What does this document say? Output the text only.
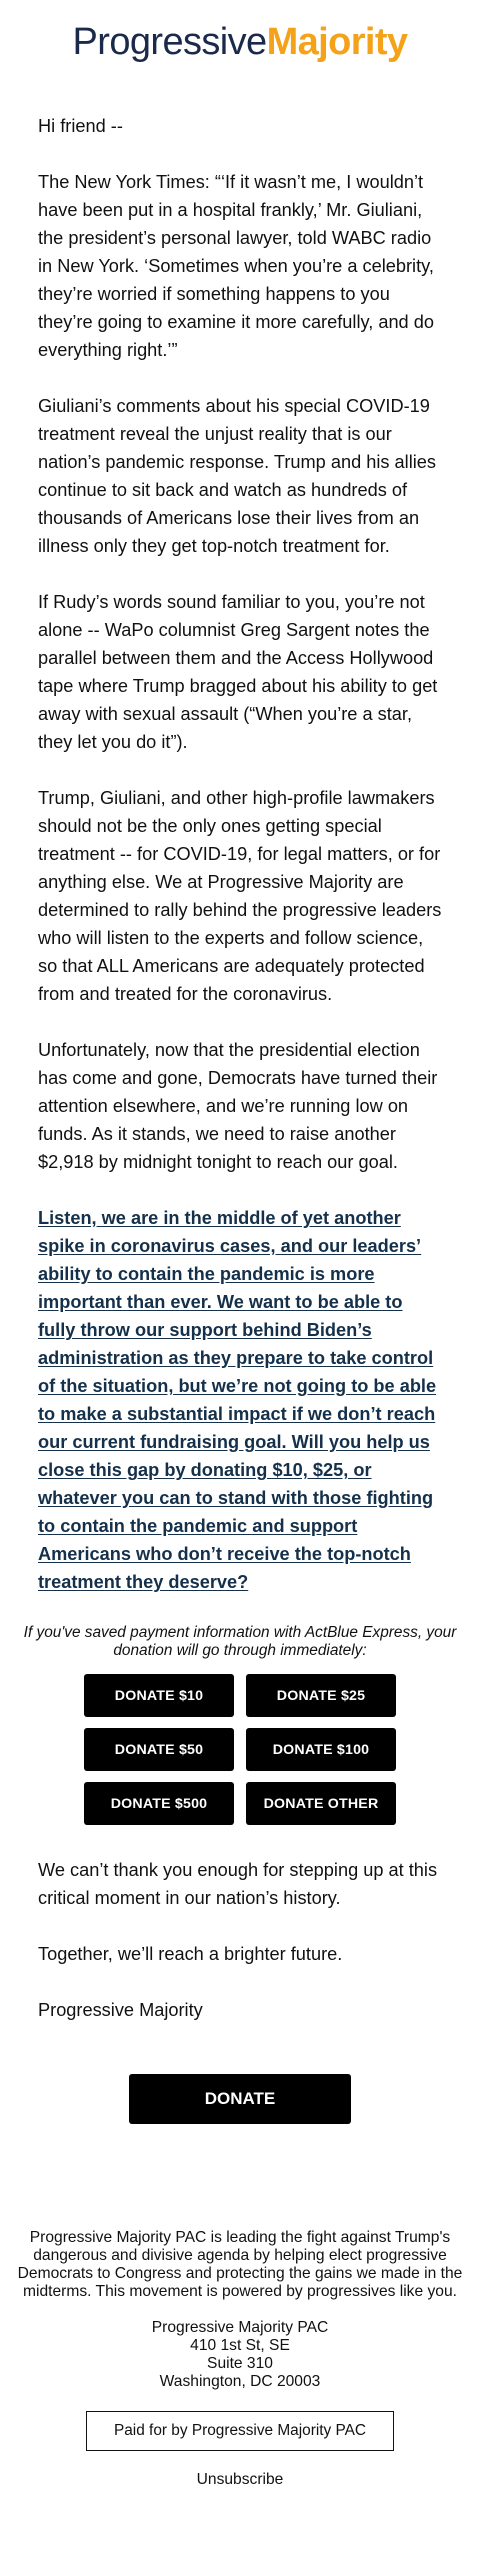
ProgressiveMajority

Hi friend --

The New York Times: “‘If it wasn’t me, I wouldn’t have been put in a hospital frankly,’ Mr. Giuliani, the president’s personal lawyer, told WABC radio in New York. ‘Sometimes when you’re a celebrity, they’re worried if something happens to you they’re going to examine it more carefully, and do everything right.’”

Giuliani’s comments about his special COVID-19 treatment reveal the unjust reality that is our nation’s pandemic response. Trump and his allies continue to sit back and watch as hundreds of thousands of Americans lose their lives from an illness only they get top-notch treatment for.

If Rudy’s words sound familiar to you, you’re not alone -- WaPo columnist Greg Sargent notes the parallel between them and the Access Hollywood tape where Trump bragged about his ability to get away with sexual assault (“When you’re a star, they let you do it”).

Trump, Giuliani, and other high-profile lawmakers should not be the only ones getting special treatment -- for COVID-19, for legal matters, or for anything else. We at Progressive Majority are determined to rally behind the progressive leaders who will listen to the experts and follow science, so that ALL Americans are adequately protected from and treated for the coronavirus.

Unfortunately, now that the presidential election has come and gone, Democrats have turned their attention elsewhere, and we’re running low on funds. As it stands, we need to raise another $2,918 by midnight tonight to reach our goal.

Listen, we are in the middle of yet another spike in coronavirus cases, and our leaders’ ability to contain the pandemic is more important than ever. We want to be able to fully throw our support behind Biden’s administration as they prepare to take control of the situation, but we’re not going to be able to make a substantial impact if we don’t reach our current fundraising goal. Will you help us close this gap by donating $10, $25, or whatever you can to stand with those fighting to contain the pandemic and support Americans who don’t receive the top-notch treatment they deserve?

If you've saved payment information with ActBlue Express, your donation will go through immediately:
DONATE $10	DONATE $25
DONATE $50	DONATE $100
DONATE $500	DONATE OTHER

We can’t thank you enough for stepping up at this critical moment in our nation’s history.

Together, we’ll reach a brighter future.

Progressive Majority

DONATE
Progressive Majority PAC is leading the fight against Trump's dangerous and divisive agenda by helping elect progressive Democrats to Congress and protecting the gains we made in the midterms. This movement is powered by progressives like you.
Progressive Majority PAC
410 1st St, SE
Suite 310
Washington, DC 20003
Paid for by Progressive Majority PAC
Unsubscribe
